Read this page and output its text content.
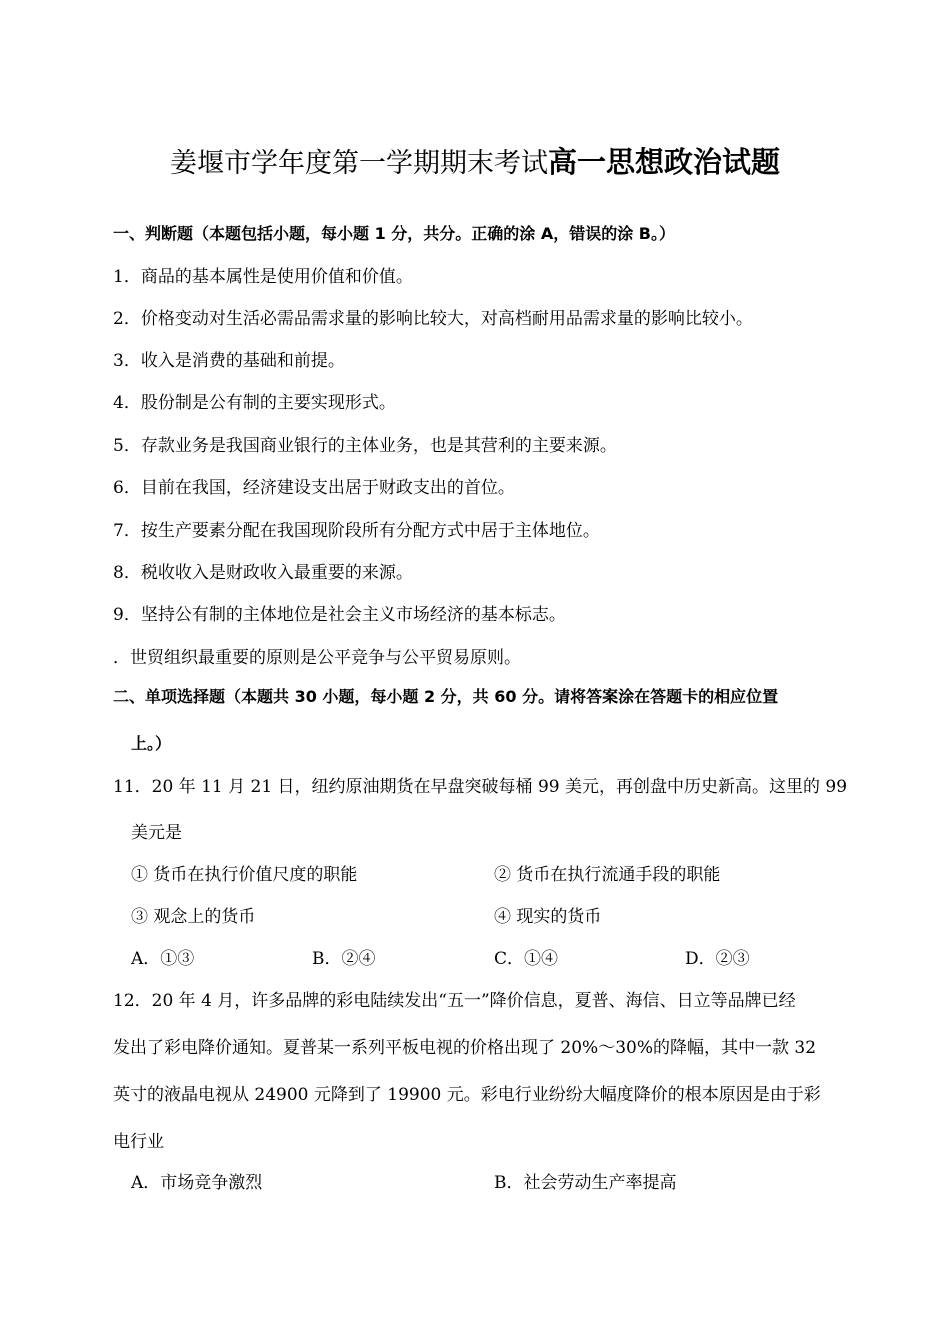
姜堰市学年度第一学期期末考试高一思想政治试题
一、判断题（本题包括小题，每小题 1 分，共分。正确的涂 A，错误的涂 B。）
1．商品的基本属性是使用价值和价值。
2．价格变动对生活必需品需求量的影响比较大，对高档耐用品需求量的影响比较小。
3．收入是消费的基础和前提。
4．股份制是公有制的主要实现形式。
5．存款业务是我国商业银行的主体业务，也是其营利的主要来源。
6．目前在我国，经济建设支出居于财政支出的首位。
7．按生产要素分配在我国现阶段所有分配方式中居于主体地位。
8．税收收入是财政收入最重要的来源。
9．坚持公有制的主体地位是社会主义市场经济的基本标志。
．世贸组织最重要的原则是公平竞争与公平贸易原则。
二、单项选择题（本题共 30 小题，每小题 2 分，共 60 分。请将答案涂在答题卡的相应位置
上。）
11．20 年 11 月 21 日，纽约原油期货在早盘突破每桶 99 美元，再创盘中历史新高。这里的 99
美元是
① 货币在执行价值尺度的职能	② 货币在执行流通手段的职能
③ 观念上的货币	④ 现实的货币
A．①③	B．②④	C．①④	D．②③
12．20 年 4 月，许多品牌的彩电陆续发出“五一”降价信息，夏普、海信、日立等品牌已经
发出了彩电降价通知。夏普某一系列平板电视的价格出现了 20%～30%的降幅，其中一款 32
英寸的液晶电视从 24900 元降到了 19900 元。彩电行业纷纷大幅度降价的根本原因是由于彩
电行业
A．市场竞争激烈	B．社会劳动生产率提高
